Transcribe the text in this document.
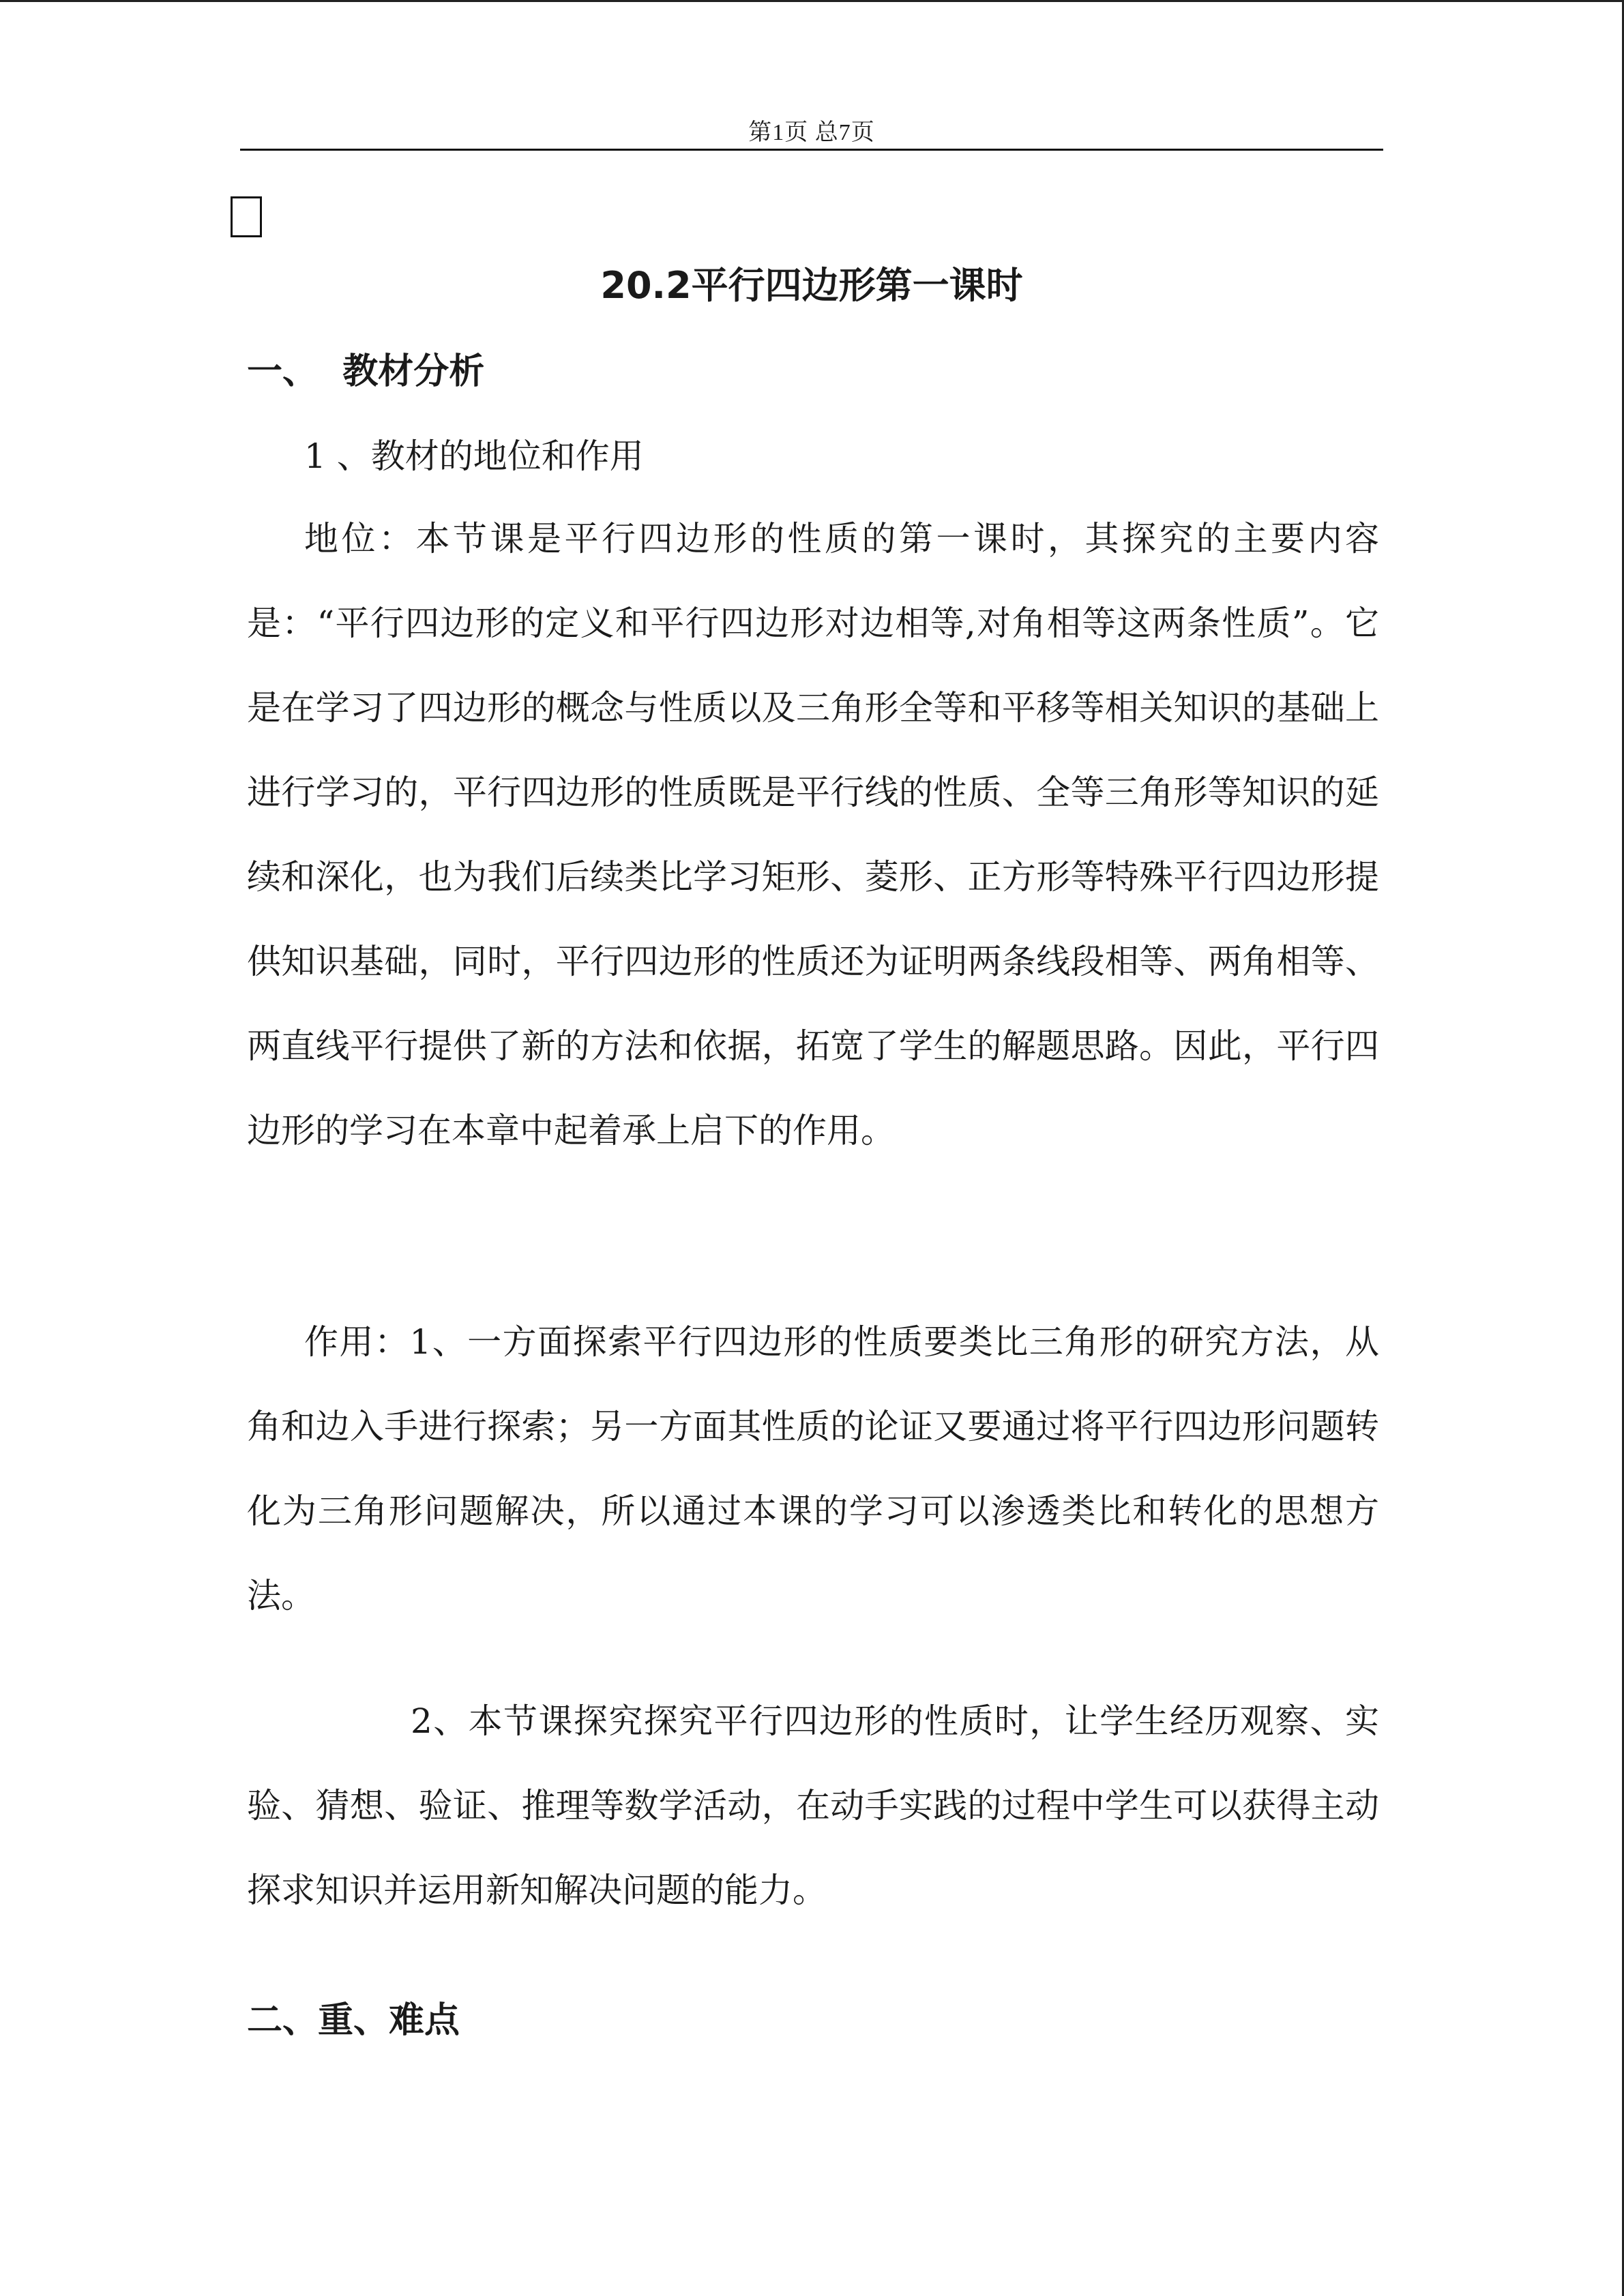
第1页 总7页
20.2平行四边形第一课时
一、  教材分析
1 、教材的地位和作用

地位：本节课是平行四边形的性质的第一课时，其探究的主要内容是：“平行四边形的定义和平行四边形对边相等,对角相等这两条性质”。它是在学习了四边形的概念与性质以及三角形全等和平移等相关知识的基础上进行学习的，平行四边形的性质既是平行线的性质、全等三角形等知识的延续和深化，也为我们后续类比学习矩形、菱形、正方形等特殊平行四边形提供知识基础，同时，平行四边形的性质还为证明两条线段相等、两角相等、 两直线平行提供了新的方法和依据，拓宽了学生的解题思路。因此，平行四边形的学习在本章中起着承上启下的作用。

作用：1、一方面探索平行四边形的性质要类比三角形的研究方法，从角和边入手进行探索；另一方面其性质的论证又要通过将平行四边形问题转化为三角形问题解决，所以通过本课的学习可以渗透类比和转化的思想方法。

2、本节课探究探究平行四边形的性质时，让学生经历观察、实验、猜想、验证、推理等数学活动，在动手实践的过程中学生可以获得主动探求知识并运用新知解决问题的能力。

二、重、难点
